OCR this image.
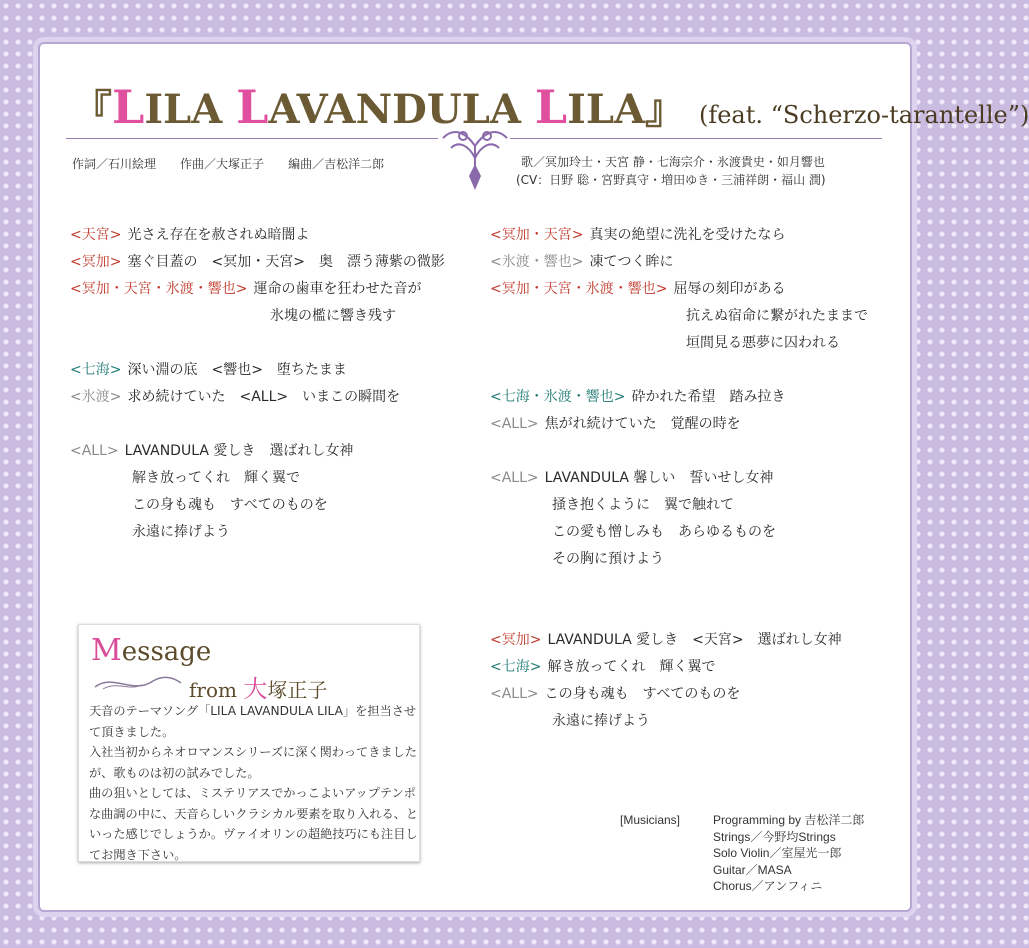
『LILA LAVANDULA LILA』 (feat. “Scherzo-tarantelle”)
作詞／石川絵理　　 作曲／大塚正子　　 編曲／吉松洋二郎	歌／冥加玲士・天宮 静・七海宗介・氷渡貴史・如月響也
(CV：日野 聡・宮野真守・増田ゆき・三浦祥朗・福山 潤)
<天宮> 光さえ存在を赦されぬ暗闇よ
<冥加> 塞ぐ目蓋の　<冥加・天宮>　奥　漂う薄紫の微影
<冥加・天宮・氷渡・響也> 運命の歯車を狂わせた音が
氷塊の檻に響き残す
<七海> 深い淵の底　<響也>　堕ちたまま
<氷渡> 求め続けていた　<ALL>　いまこの瞬間を
<ALL> LAVANDULA 愛しき　選ばれし女神
解き放ってくれ　輝く翼で
この身も魂も　すべてのものを
永遠に捧げよう
<冥加・天宮> 真実の絶望に洗礼を受けたなら
<氷渡・響也> 凍てつく眸に
<冥加・天宮・氷渡・響也> 屈辱の刻印がある
抗えぬ宿命に繋がれたままで
垣間見る悪夢に囚われる
<七海・氷渡・響也> 砕かれた希望　踏み拉き
<ALL> 焦がれ続けていた　覚醒の時を
<ALL> LAVANDULA 馨しい　誓いせし女神
掻き抱くように　翼で触れて
この愛も憎しみも　あらゆるものを
その胸に預けよう
<冥加> LAVANDULA 愛しき　<天宮>　選ばれし女神
<七海> 解き放ってくれ　輝く翼で
<ALL> この身も魂も　すべてのものを
永遠に捧げよう
Message
from 大塚正子
天音のテーマソング「LILA LAVANDULA LILA」を担当させて頂きました。
入社当初からネオロマンスシリーズに深く関わってきましたが、歌ものは初の試みでした。
曲の狙いとしては、ミステリアスでかっこよいアップテンポな曲調の中に、天音らしいクラシカル要素を取り入れる、といった感じでしょうか。ヴァイオリンの超絶技巧にも注目してお聞き下さい。
[Musicians]	Programming by 吉松洋二郎
Strings／今野均Strings
Solo Violin／室屋光一郎
Guitar／MASA
Chorus／アンフィニ
